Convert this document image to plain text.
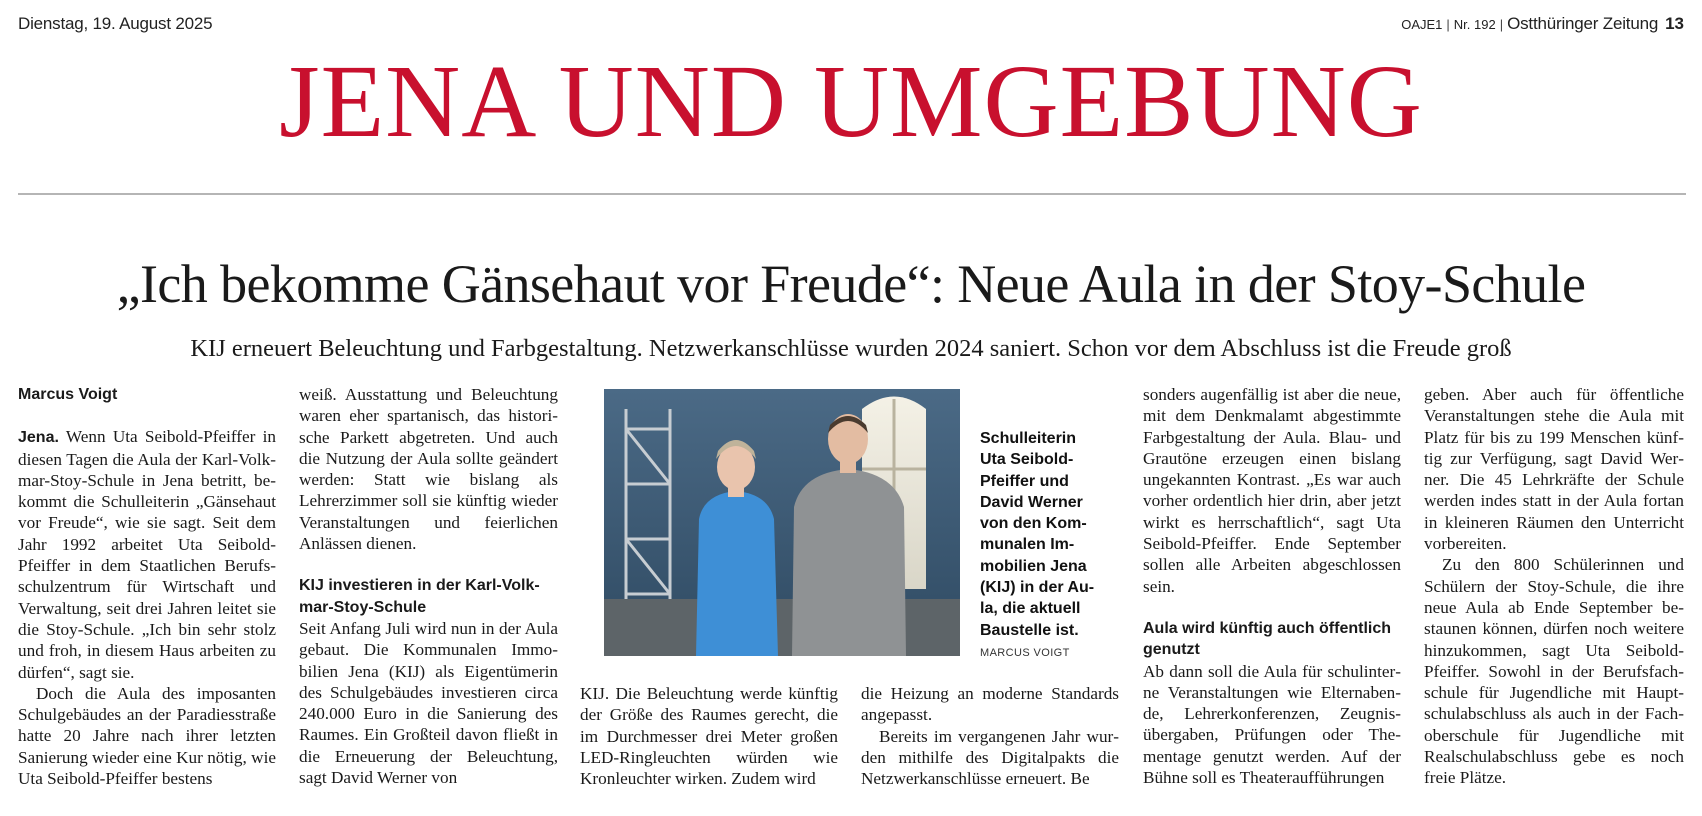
Dienstag, 19. August 2025	OAJE1 | Nr. 192 | Ostthüringer Zeitung 13
JENA UND UMGEBUNG
„Ich bekomme Gänsehaut vor Freude“: Neue Aula in der Stoy-Schule
KIJ erneuert Beleuchtung und Farbgestaltung. Netzwerkanschlüsse wurden 2024 saniert. Schon vor dem Abschluss ist die Freude groß
Marcus Voigt

Jena. Wenn Uta Seibold-Pfeiffer in diesen Tagen die Aula der Karl-Volkmar-Stoy-Schule in Jena betritt, bekommt die Schulleiterin „Gänsehaut vor Freude“, wie sie sagt. Seit dem Jahr 1992 arbeitet Uta Seibold-Pfeiffer in dem Staatlichen Berufsschulzentrum für Wirtschaft und Verwaltung, seit drei Jahren leitet sie die Stoy-Schule. „Ich bin sehr stolz und froh, in diesem Haus arbeiten zu dürfen“, sagt sie.

Doch die Aula des imposanten Schulgebäudes an der Paradiesstraße hatte 20 Jahre nach ihrer letzten Sanierung wieder eine Kur nötig, wie Uta Seibold-Pfeiffer bestens

weiß. Ausstattung und Beleuchtung waren eher spartanisch, das historische Parkett abgetreten. Und auch die Nutzung der Aula sollte geändert werden: Statt wie bislang als Lehrerzimmer soll sie künftig wieder Veranstaltungen und feierlichen Anlässen dienen.

KIJ investieren in der Karl-Volkmar-Stoy-Schule

Seit Anfang Juli wird nun in der Aula gebaut. Die Kommunalen Immobilien Jena (KIJ) als Eigentümerin des Schulgebäudes investieren circa 240.000 Euro in die Sanierung des Raumes. Ein Großteil davon fließt in die Erneuerung der Beleuchtung, sagt David Werner von

Schulleiterin Uta Seibold-Pfeiffer und David Werner von den Kommunalen Immobilien Jena (KIJ) in der Aula, die aktuell Baustelle ist.
MARCUS VOIGT

KIJ. Die Beleuchtung werde künftig der Größe des Raumes gerecht, die im Durchmesser drei Meter großen LED-Ringleuchten würden wie Kronleuchter wirken. Zudem wird

die Heizung an moderne Standards angepasst.

Bereits im vergangenen Jahr wurden mithilfe des Digitalpakts die Netzwerkanschlüsse erneuert. Be

sonders augenfällig ist aber die neue, mit dem Denkmalamt abgestimmte Farbgestaltung der Aula. Blau- und Grautöne erzeugen einen bislang ungekannten Kontrast. „Es war auch vorher ordentlich hier drin, aber jetzt wirkt es herrschaftlich“, sagt Uta Seibold-Pfeiffer. Ende September sollen alle Arbeiten abgeschlossen sein.

Aula wird künftig auch öffentlich genutzt

Ab dann soll die Aula für schulinterne Veranstaltungen wie Elternabende, Lehrerkonferenzen, Zeugnisübergaben, Prüfungen oder Thementage genutzt werden. Auf der Bühne soll es Theateraufführungen

geben. Aber auch für öffentliche Veranstaltungen stehe die Aula mit Platz für bis zu 199 Menschen künftig zur Verfügung, sagt David Werner. Die 45 Lehrkräfte der Schule werden indes statt in der Aula fortan in kleineren Räumen den Unterricht vorbereiten.

Zu den 800 Schülerinnen und Schülern der Stoy-Schule, die ihre neue Aula ab Ende September bestaunen können, dürfen noch weitere hinzukommen, sagt Uta Seibold-Pfeiffer. Sowohl in der Berufsfachschule für Jugendliche mit Hauptschulabschluss als auch in der Fachoberschule für Jugendliche mit Realschulabschluss gebe es noch freie Plätze.
